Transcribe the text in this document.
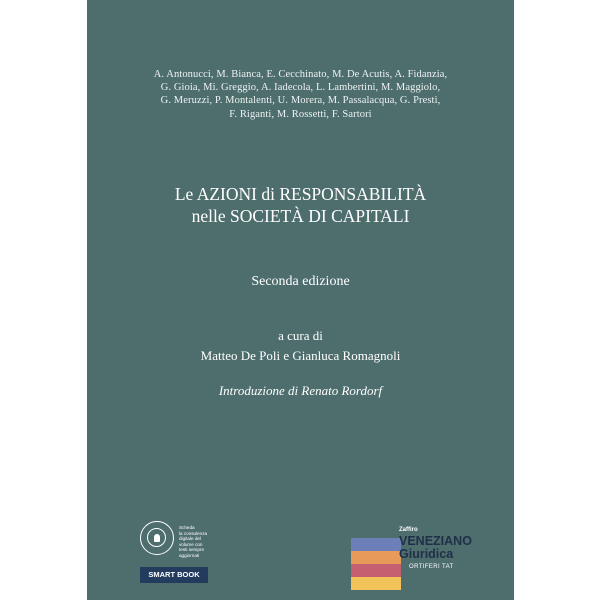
A. Antonucci, M. Bianca, E. Cecchinato, M. De Acutis, A. Fidanzia,
G. Gioia, Mi. Greggio, A. Iadecola, L. Lambertini, M. Maggiolo,
G. Meruzzi, P. Montalenti, U. Morera, M. Passalacqua, G. Presti,
F. Riganti, M. Rossetti, F. Sartori
Le AZIONI di RESPONSABILITÀ
nelle SOCIETÀ DI CAPITALI
Seconda edizione
a cura di
Matteo De Poli e Gianluca Romagnoli
Introduzione di Renato Rordorf
Scheda
la consulenza
digitale del
volume con
testi sempre
aggiornati
SMART BOOK
Zaffiro
VENEZIANO
Giuridica
ORTIFERI TAT
